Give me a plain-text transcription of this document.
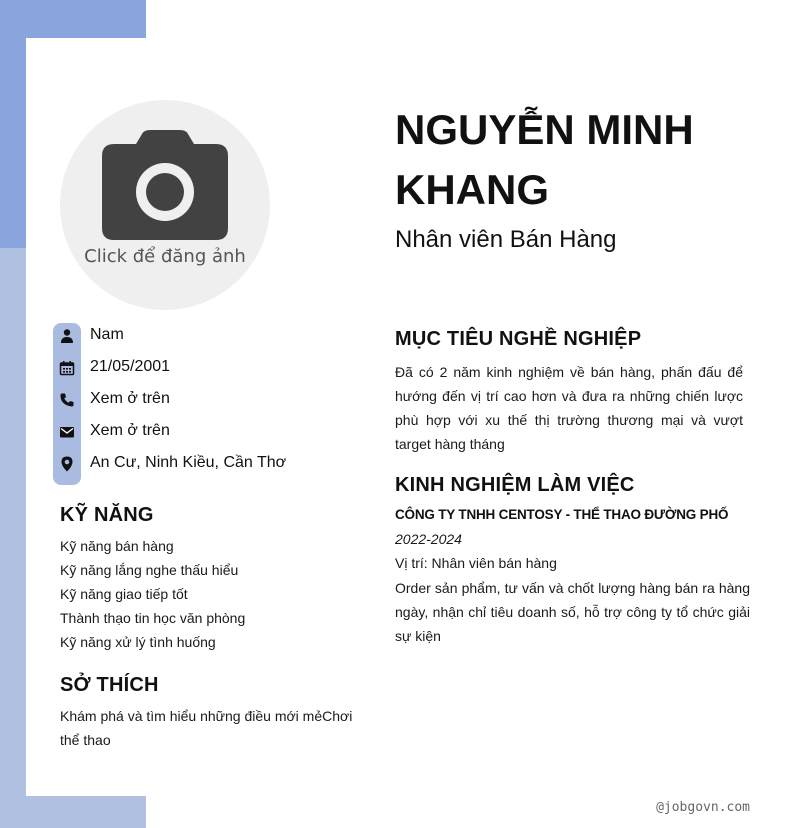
Click để đăng ảnh
Nam
21/05/2001
Xem ở trên
Xem ở trên
An Cư, Ninh Kiều, Cần Thơ
KỸ NĂNG
Kỹ năng bán hàng
Kỹ năng lắng nghe thấu hiểu
Kỹ năng giao tiếp tốt
Thành thạo tin học văn phòng
Kỹ năng xử lý tình huống
SỞ THÍCH
Khám phá và tìm hiểu những điều mới mẻChơi thể thao
NGUYỄN MINH KHANG
Nhân viên Bán Hàng
MỤC TIÊU NGHỀ NGHIỆP
Đã có 2 năm kinh nghiệm về bán hàng, phấn đấu để hướng đến vị trí cao hơn và đưa ra những chiến lược phù hợp với xu thế thị trường thương mại và vượt target hàng tháng
KINH NGHIỆM LÀM VIỆC
CÔNG TY TNHH CENTOSY - THỂ THAO ĐƯỜNG PHỐ
2022-2024
Vị trí: Nhân viên bán hàng
Order sản phẩm, tư vấn và chốt lượng hàng bán ra hàng ngày, nhận chỉ tiêu doanh số, hỗ trợ công ty tổ chức giải sự kiện
@jobgovn.com
